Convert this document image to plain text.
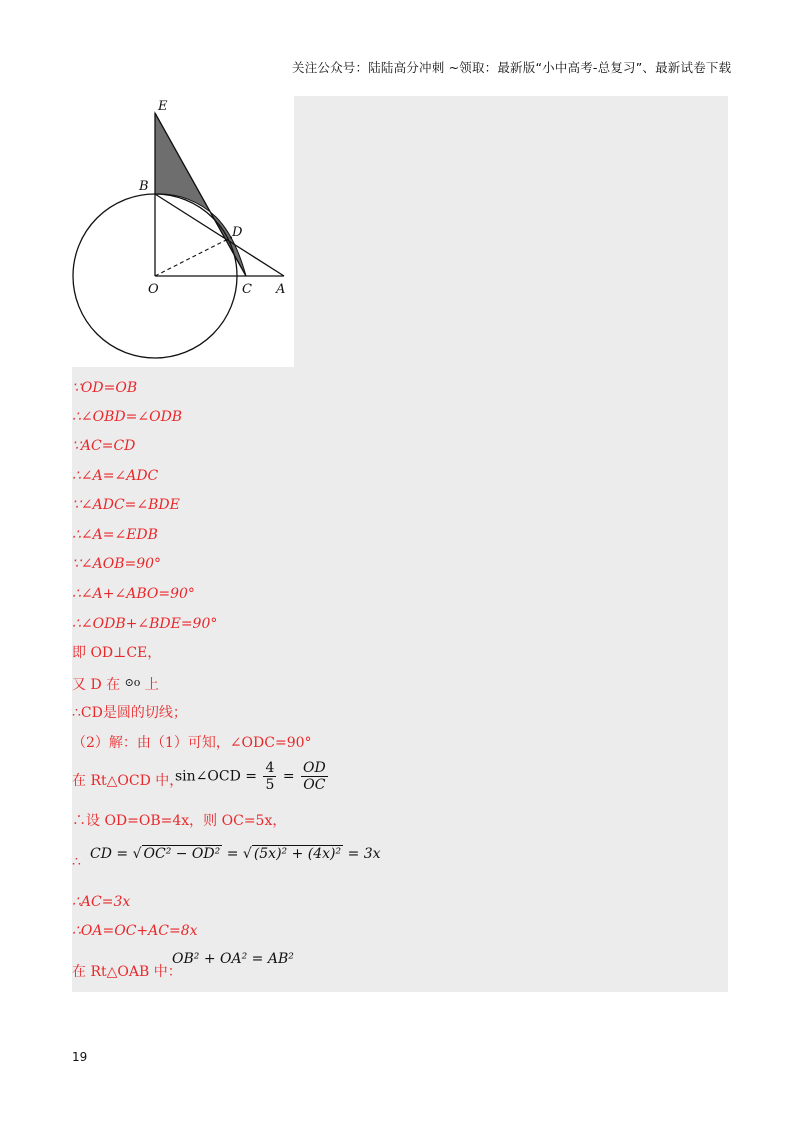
关注公众号：陆陆高分冲刺 ~领取：最新版“小中高考-总复习”、最新试卷下载
E
B
D
O	C A
∵OD=OB
∴∠OBD=∠ODB
∵AC=CD
∴∠A=∠ADC
∵∠ADC=∠BDE
∴∠A=∠EDB
∵∠AOB=90°
∴∠A+∠ABO=90°
∴∠ODB+∠BDE=90°
即 OD⊥CE，
又 D 在 $^{⊙o}$ 上
∴CD是圆的切线；
（2）解：由（1）可知，∠ODC=90°
在 Rt△OCD 中，
sin∠OCD = $\frac{4}{5} = \frac{OD}{OC}$
∴设 OD=OB=4x，则 OC=5x，
∴ CD = √ OC² − OD² = √ (5x)² + (4x)² = 3x
∴AC=3x
∴OA=OC+AC=8x
在 Rt△OAB 中：
OB² + OA² = AB²
19
